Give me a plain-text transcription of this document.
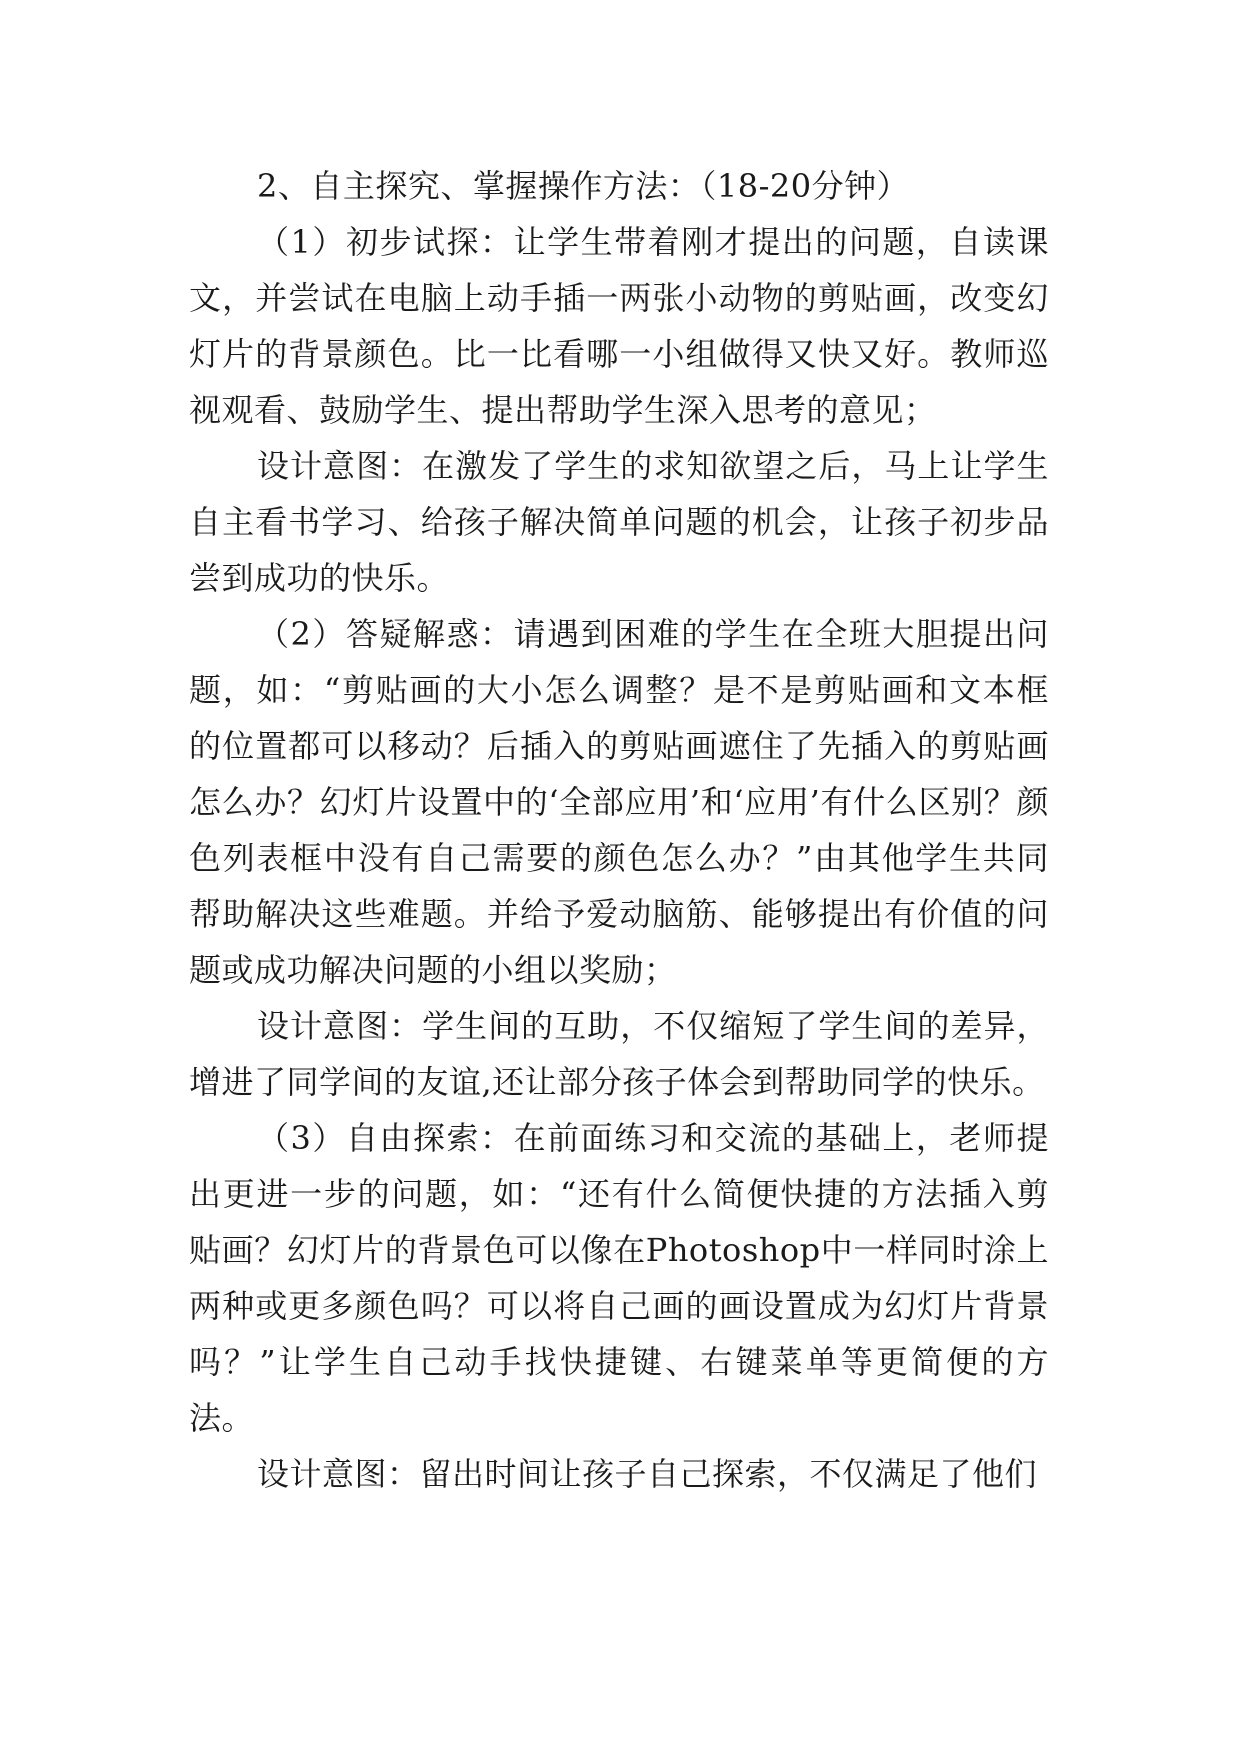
2、自主探究、掌握操作方法：（18-20分钟）

（1）初步试探：让学生带着刚才提出的问题，自读课文，并尝试在电脑上动手插一两张小动物的剪贴画，改变幻灯片的背景颜色。比一比看哪一小组做得又快又好。教师巡视观看、鼓励学生、提出帮助学生深入思考的意见；

设计意图：在激发了学生的求知欲望之后，马上让学生自主看书学习、给孩子解决简单问题的机会，让孩子初步品尝到成功的快乐。

（2）答疑解惑：请遇到困难的学生在全班大胆提出问题，如：“剪贴画的大小怎么调整？是不是剪贴画和文本框的位置都可以移动？后插入的剪贴画遮住了先插入的剪贴画怎么办？幻灯片设置中的‘全部应用’和‘应用’有什么区别？颜色列表框中没有自己需要的颜色怎么办？”由其他学生共同帮助解决这些难题。并给予爱动脑筋、能够提出有价值的问题或成功解决问题的小组以奖励；

设计意图：学生间的互助，不仅缩短了学生间的差异，增进了同学间的友谊,还让部分孩子体会到帮助同学的快乐。

（3）自由探索：在前面练习和交流的基础上，老师提出更进一步的问题，如：“还有什么简便快捷的方法插入剪贴画？幻灯片的背景色可以像在Photoshop中一样同时涂上两种或更多颜色吗？可以将自己画的画设置成为幻灯片背景吗？”让学生自己动手找快捷键、右键菜单等更简便的方法。

设计意图：留出时间让孩子自己探索，不仅满足了他们
